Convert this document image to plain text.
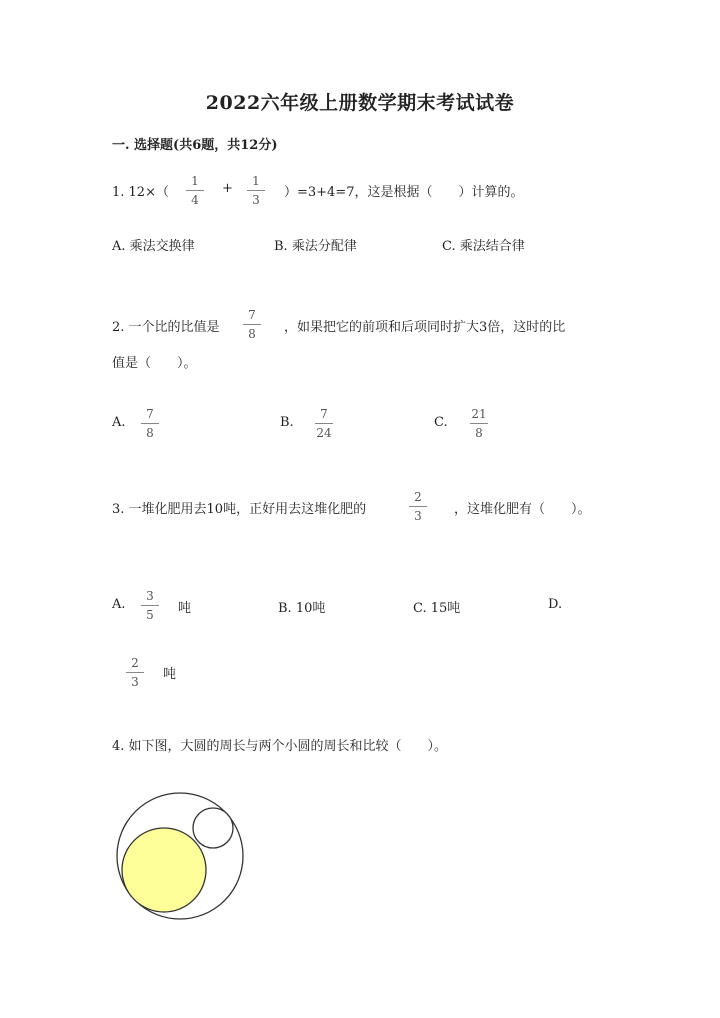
2022六年级上册数学期末考试试卷
一. 选择题(共6题，共12分)
1. 12×（
1
4
+	1
3	）=3+4=7，这是根据（　　）计算的。
A. 乘法交换律	B. 乘法分配律	C. 乘法结合律
2. 一个比的比值是
7
8	，如果把它的前项和后项同时扩大3倍，这时的比
值是（　　）。
A.
7
8
B.
7
24
C.
21
8
3. 一堆化肥用去10吨，正好用去这堆化肥的
2
3	，这堆化肥有（　　）。
A.
3
5	吨	B. 10吨	C. 15吨	D.
2
3	吨
4. 如下图，大圆的周长与两个小圆的周长和比较（　　）。
